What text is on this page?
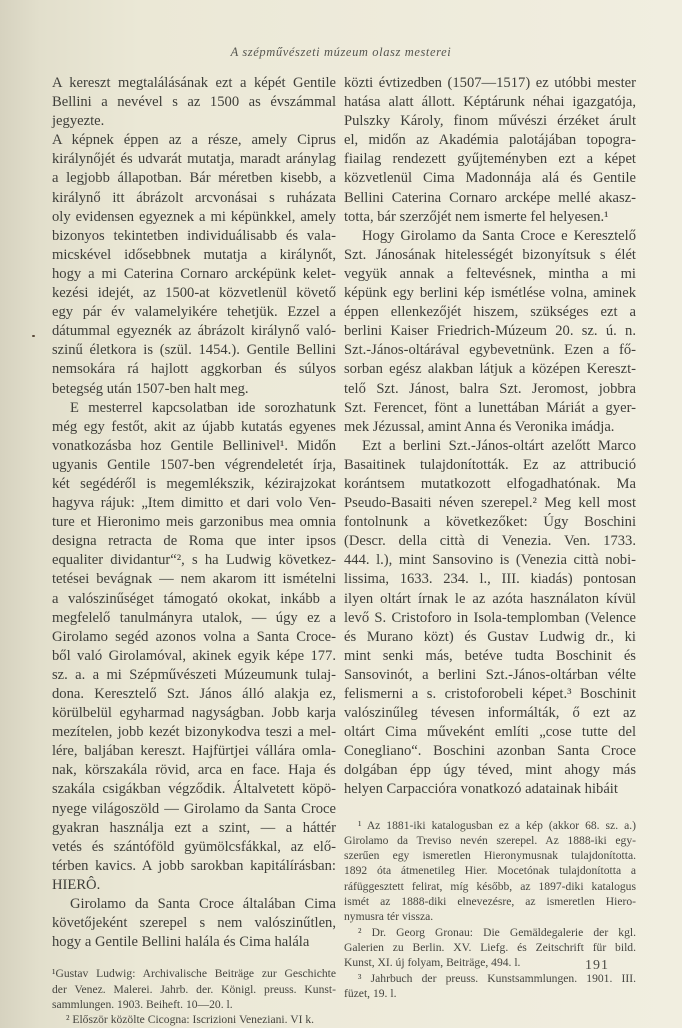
A szépművészeti múzeum olasz mesterei
A kereszt megtalálásának ezt a képét Gentile
Bellini a nevével s az 1500 as évszámmal jegyezte.
A képnek éppen az a része, amely Ciprus
királynőjét és udvarát mutatja, maradt aránylag
a legjobb állapotban. Bár méretben kisebb, a
királynő itt ábrázolt arcvonásai s ruházata
oly evidensen egyeznek a mi képünkkel, amely
bizonyos tekintetben individuálisabb és vala-
micskével idősebbnek mutatja a királynőt,
hogy a mi Caterina Cornaro arcképünk kelet-
kezési idejét, az 1500-at közvetlenül követő
egy pár év valamelyikére tehetjük. Ezzel a
dátummal egyeznék az ábrázolt királynő való-
szinű életkora is (szül. 1454.). Gentile Bellini
nemsokára rá hajlott aggkorban és súlyos
betegség után 1507-ben halt meg.
E mesterrel kapcsolatban ide sorozhatunk
még egy festőt, akit az újabb kutatás egyenes
vonatkozásba hoz Gentile Bellinivel¹. Midőn
ugyanis Gentile 1507-ben végrendeletét írja,
két segédéről is megemlékszik, kézirajzokat
hagyva rájuk: „Item dimitto et dari volo Ven-
ture et Hieronimo meis garzonibus mea omnia
designa retracta de Roma que inter ipsos
equaliter dividantur“², s ha Ludwig következ-
tetései bevágnak — nem akarom itt ismételni
a valószinűséget támogató okokat, inkább a
megfelelő tanulmányra utalok, — úgy ez a
Girolamo segéd azonos volna a Santa Croce-
ből való Girolamóval, akinek egyik képe 177.
sz. a. a mi Szépművészeti Múzeumunk tulaj-
dona. Keresztelő Szt. János álló alakja ez,
körülbelül egyharmad nagyságban. Jobb karja
mezítelen, jobb kezét bizonykodva teszi a mel-
lére, baljában kereszt. Hajfürtjei vállára omla-
nak, körszakála rövid, arca en face. Haja és
szakála csigákban végződik. Általvetett köpö-
nyege világoszöld — Girolamo da Santa Croce
gyakran használja ezt a szint, — a háttér
vetés és szántóföld gyümölcsfákkal, az elő-
térben kavics. A jobb sarokban kapitálírásban:
HIERÔ.
Girolamo da Santa Croce általában Cima
követőjeként szerepel s nem valószinűtlen,
hogy a Gentile Bellini halála és Cima halála
¹Gustav Ludwig: Archivalische Beiträge zur Geschichte
der Venez. Malerei. Jahrb. der. Königl. preuss. Kunst-
sammlungen. 1903. Beiheft. 10—20. l.
² Először közölte Cicogna: Iscrizioni Veneziani. VI k.
közti évtizedben (1507—1517) ez utóbbi mester
hatása alatt állott. Képtárunk néhai igazgatója,
Pulszky Károly, finom művészi érzéket árult
el, midőn az Akadémia palotájában topogra-
fiailag rendezett gyűjteményben ezt a képet
közvetlenül Cima Madonnája alá és Gentile
Bellini Caterina Cornaro arcképe mellé akasz-
totta, bár szerzőjét nem ismerte fel helyesen.¹
Hogy Girolamo da Santa Croce e Keresztelő
Szt. Jánosának hitelességét bizonyítsuk s élét
vegyük annak a feltevésnek, mintha a mi
képünk egy berlini kép ismétlése volna, aminek
éppen ellenkezőjét hiszem, szükséges ezt a
berlini Kaiser Friedrich-Múzeum 20. sz. ú. n.
Szt.-János-oltárával egybevetnünk. Ezen a fő-
sorban egész alakban látjuk a középen Kereszt-
telő Szt. Jánost, balra Szt. Jeromost, jobbra
Szt. Ferencet, fönt a lunettában Máriát a gyer-
mek Jézussal, amint Anna és Veronika imádja.
Ezt a berlini Szt.-János-oltárt azelőtt Marco
Basaitinek tulajdonították. Ez az attribució
korántsem mutatkozott elfogadhatónak. Ma
Pseudo-Basaiti néven szerepel.² Meg kell most
fontolnunk a következőket: Úgy Boschini
(Descr. della città di Venezia. Ven. 1733.
444. l.), mint Sansovino is (Venezia città nobi-
lissima, 1633. 234. l., III. kiadás) pontosan
ilyen oltárt írnak le az azóta használaton kívül
levő S. Cristoforo in Isola-templomban (Velence
és Murano közt) és Gustav Ludwig dr., ki
mint senki más, betéve tudta Boschinit és
Sansovinót, a berlini Szt.-János-oltárban vélte
felismerni a s. cristoforobeli képet.³ Boschinit
valószinűleg tévesen informálták, ő ezt az
oltárt Cima műveként említi „cose tutte del
Conegliano“. Boschini azonban Santa Croce
dolgában épp úgy téved, mint ahogy más
helyen Carpaccióra vonatkozó adatainak hibáit
¹ Az 1881-iki katalogusban ez a kép (akkor 68. sz. a.)
Girolamo da Treviso nevén szerepel. Az 1888-iki egy-
szerűen egy ismeretlen Hieronymusnak tulajdonította.
1892 óta átmenetileg Hier. Mocetónak tulajdonította a
ráfüggesztett felirat, míg később, az 1897-diki katalogus
ismét az 1888-diki elnevezésre, az ismeretlen Hiero-
nymusra tér vissza.
² Dr. Georg Gronau: Die Gemäldegalerie der kgl.
Galerien zu Berlin. XV. Liefg. és Zeitschrift für bild.
Kunst, XI. új folyam, Beiträge, 494. l.
³ Jahrbuch der preuss. Kunstsammlungen. 1901. III.
füzet, 19. l.
191
